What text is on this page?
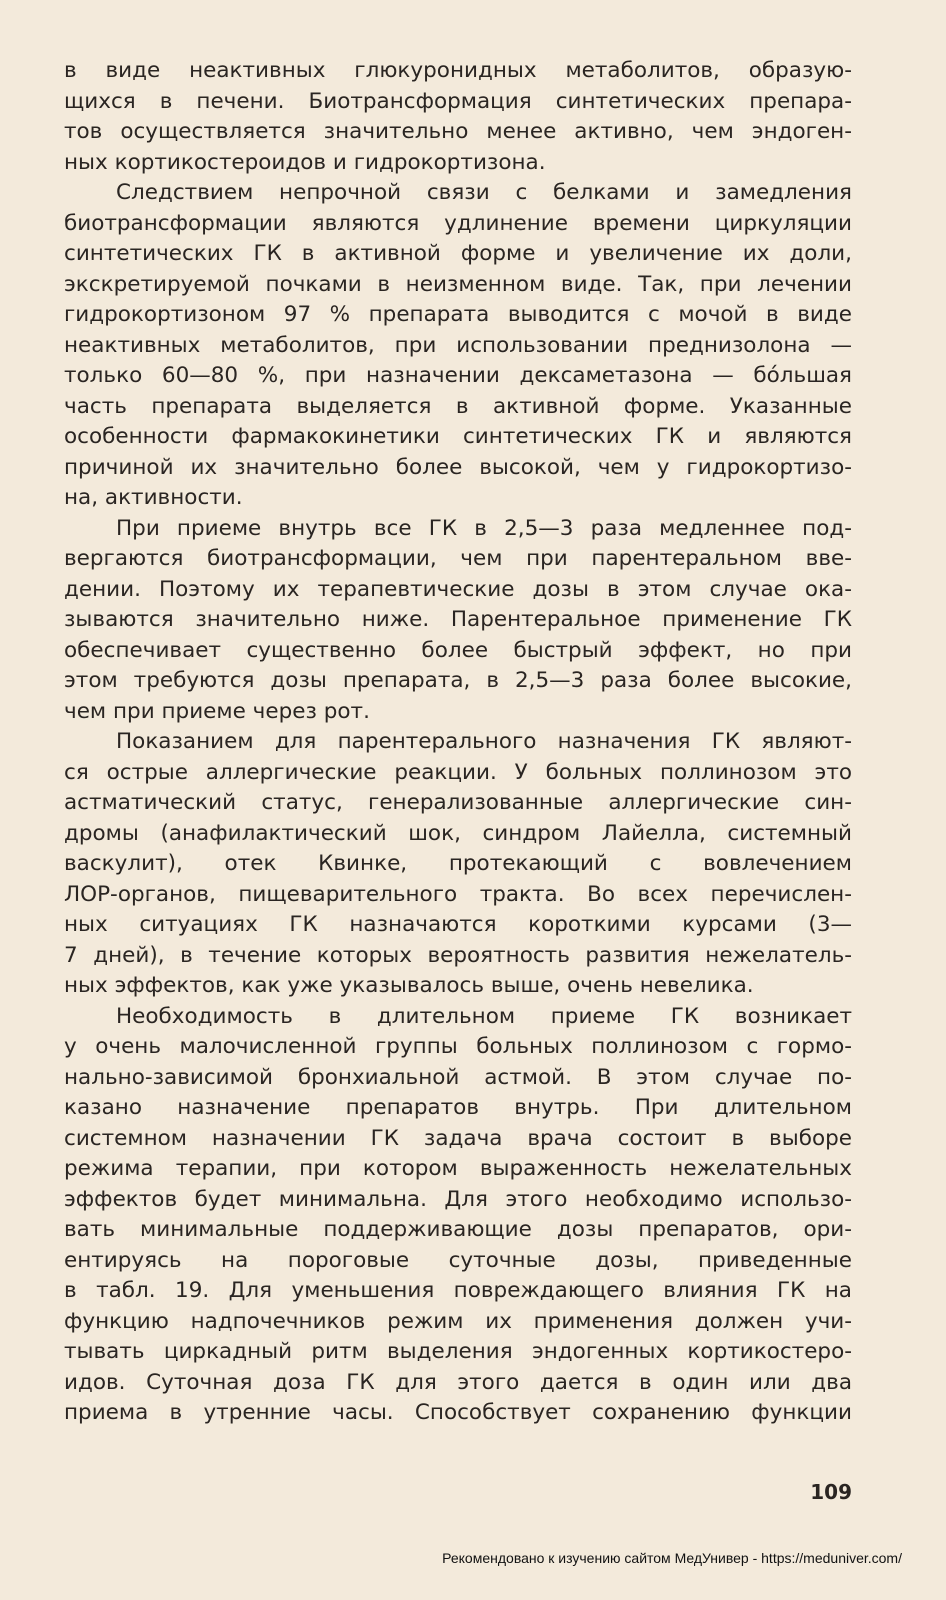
в виде неактивных глюкуронидных метаболитов, образую-
щихся в печени. Биотрансформация синтетических препара-
тов осуществляется значительно менее активно, чем эндоген-
ных кортикостероидов и гидрокортизона.
Следствием непрочной связи с белками и замедления
биотрансформации являются удлинение времени циркуляции
синтетических ГК в активной форме и увеличение их доли,
экскретируемой почками в неизменном виде. Так, при лечении
гидрокортизоном 97 % препарата выводится с мочой в виде
неактивных метаболитов, при использовании преднизолона —
только 60—80 %, при назначении дексаметазона — бóльшая
часть препарата выделяется в активной форме. Указанные
особенности фармакокинетики синтетических ГК и являются
причиной их значительно более высокой, чем у гидрокортизо-
на, активности.
При приеме внутрь все ГК в 2,5—3 раза медленнее под-
вергаются биотрансформации, чем при парентеральном вве-
дении. Поэтому их терапевтические дозы в этом случае ока-
зываются значительно ниже. Парентеральное применение ГК
обеспечивает существенно более быстрый эффект, но при
этом требуются дозы препарата, в 2,5—3 раза более высокие,
чем при приеме через рот.
Показанием для парентерального назначения ГК являют-
ся острые аллергические реакции. У больных поллинозом это
астматический статус, генерализованные аллергические син-
дромы (анафилактический шок, синдром Лайелла, системный
васкулит), отек Квинке, протекающий с вовлечением
ЛОР-органов, пищеварительного тракта. Во всех перечислен-
ных ситуациях ГК назначаются короткими курсами (3—
7 дней), в течение которых вероятность развития нежелатель-
ных эффектов, как уже указывалось выше, очень невелика.
Необходимость в длительном приеме ГК возникает
у очень малочисленной группы больных поллинозом с гормо-
нально-зависимой бронхиальной астмой. В этом случае по-
казано назначение препаратов внутрь. При длительном
системном назначении ГК задача врача состоит в выборе
режима терапии, при котором выраженность нежелательных
эффектов будет минимальна. Для этого необходимо использо-
вать минимальные поддерживающие дозы препаратов, ори-
ентируясь на пороговые суточные дозы, приведенные
в табл. 19. Для уменьшения повреждающего влияния ГК на
функцию надпочечников режим их применения должен учи-
тывать циркадный ритм выделения эндогенных кортикостеро-
идов. Суточная доза ГК для этого дается в один или два
приема в утренние часы. Способствует сохранению функции
109
Рекомендовано к изучению сайтом МедУнивер - https://meduniver.com/
